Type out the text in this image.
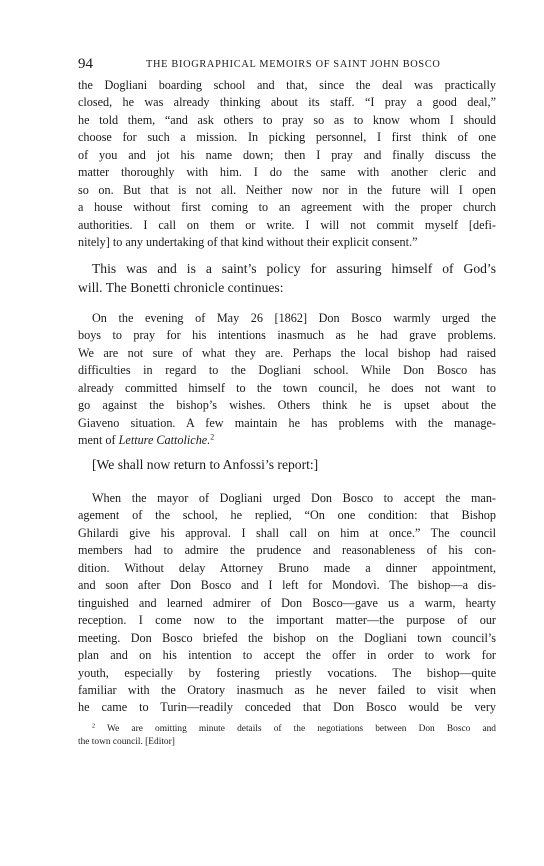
94	THE BIOGRAPHICAL MEMOIRS OF SAINT JOHN BOSCO
the Dogliani boarding school and that, since the deal was practically
closed, he was already thinking about its staff. “I pray a good deal,”
he told them, “and ask others to pray so as to know whom I should
choose for such a mission. In picking personnel, I first think of one
of you and jot his name down; then I pray and finally discuss the
matter thoroughly with him. I do the same with another cleric and
so on. But that is not all. Neither now nor in the future will I open
a house without first coming to an agreement with the proper church
authorities. I call on them or write. I will not commit myself [defi-
nitely] to any undertaking of that kind without their explicit consent.”
This was and is a saint’s policy for assuring himself of God’s
will. The Bonetti chronicle continues:
On the evening of May 26 [1862] Don Bosco warmly urged the
boys to pray for his intentions inasmuch as he had grave problems.
We are not sure of what they are. Perhaps the local bishop had raised
difficulties in regard to the Dogliani school. While Don Bosco has
already committed himself to the town council, he does not want to
go against the bishop’s wishes. Others think he is upset about the
Giaveno situation. A few maintain he has problems with the manage-
ment of Letture Cattoliche.$^2$
[We shall now return to Anfossi’s report:]
When the mayor of Dogliani urged Don Bosco to accept the man-
agement of the school, he replied, “On one condition: that Bishop
Ghilardi give his approval. I shall call on him at once.” The council
members had to admire the prudence and reasonableness of his con-
dition. Without delay Attorney Bruno made a dinner appointment,
and soon after Don Bosco and I left for Mondovì. The bishop—a dis-
tinguished and learned admirer of Don Bosco—gave us a warm, hearty
reception. I come now to the important matter—the purpose of our
meeting. Don Bosco briefed the bishop on the Dogliani town council’s
plan and on his intention to accept the offer in order to work for
youth, especially by fostering priestly vocations. The bishop—quite
familiar with the Oratory inasmuch as he never failed to visit when
he came to Turin—readily conceded that Don Bosco would be very
$^2$ We are omitting minute details of the negotiations between Don Bosco and
the town council. [Editor]
